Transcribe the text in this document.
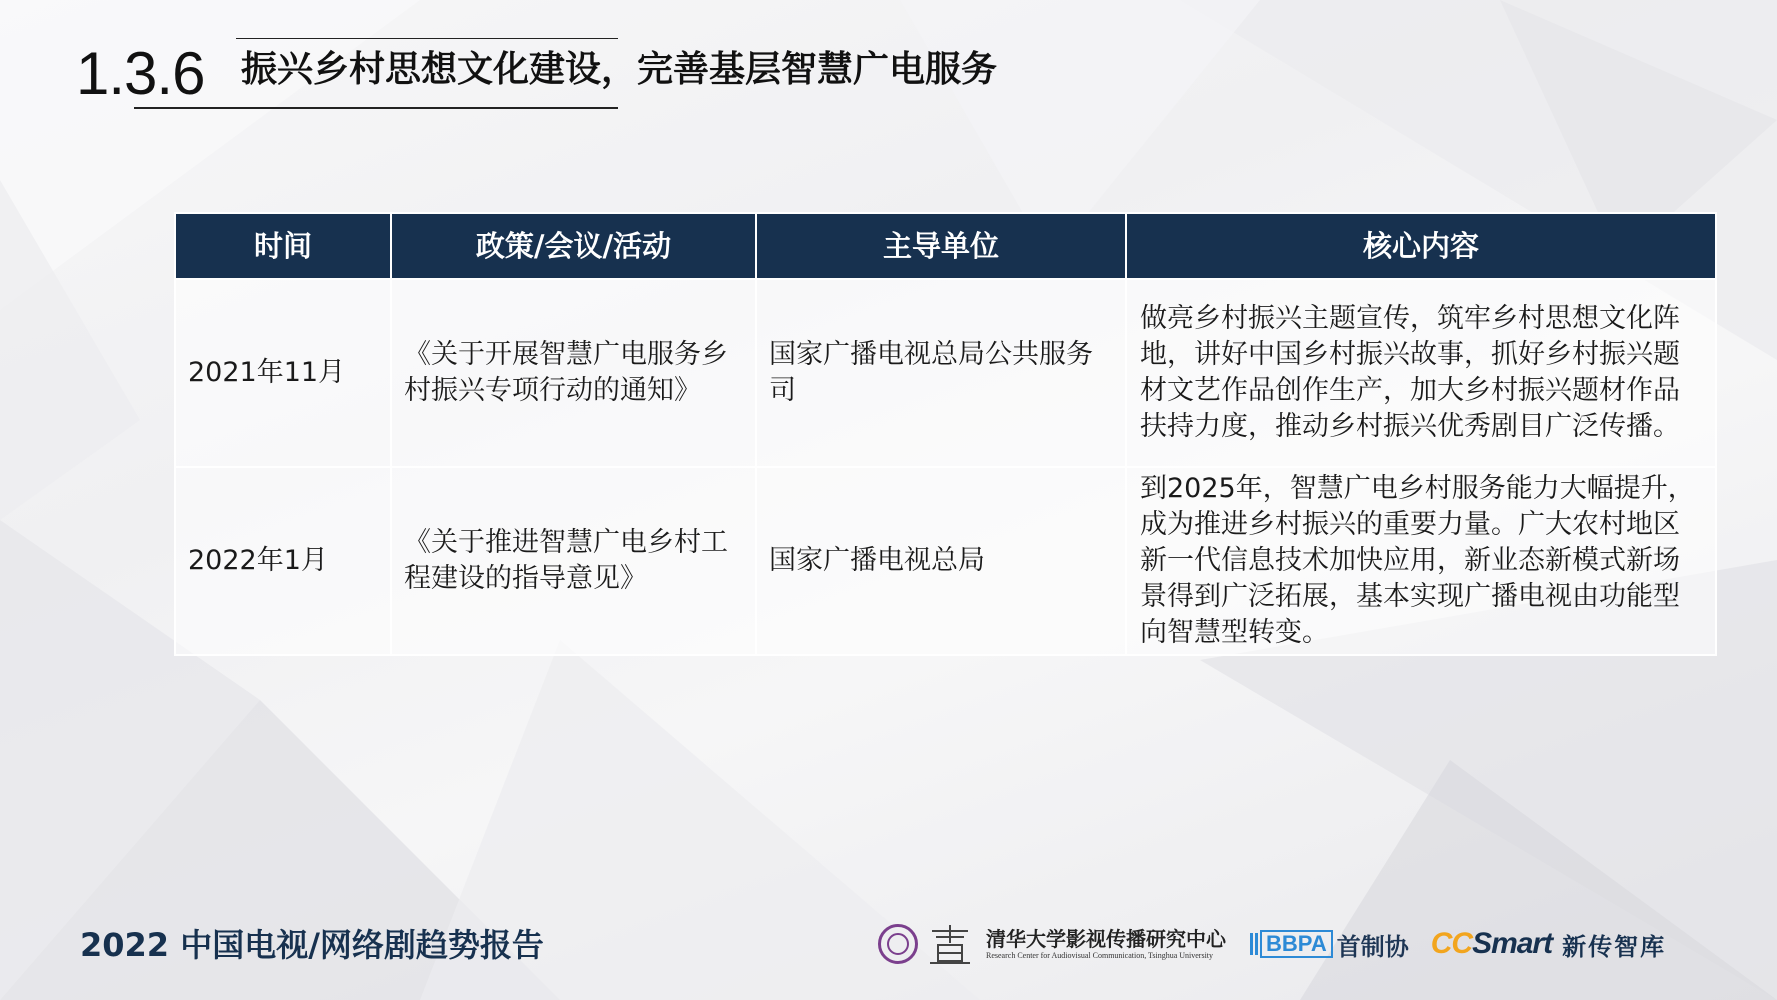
1.3.6 振兴乡村思想文化建设，完善基层智慧广电服务
时间	政策/会议/活动	主导单位	核心内容
2021年11月	《关于开展智慧广电服务乡村振兴专项行动的通知》	国家广播电视总局公共服务司	做亮乡村振兴主题宣传，筑牢乡村思想文化阵地，讲好中国乡村振兴故事，抓好乡村振兴题材文艺作品创作生产，加大乡村振兴题材作品扶持力度，推动乡村振兴优秀剧目广泛传播。
2022年1月	《关于推进智慧广电乡村工程建设的指导意见》	国家广播电视总局	到2025年，智慧广电乡村服务能力大幅提升，成为推进乡村振兴的重要力量。广大农村地区新一代信息技术加快应用，新业态新模式新场景得到广泛拓展，基本实现广播电视由功能型向智慧型转变。
2022 中国电视/网络剧趋势报告	清华大学影视传播研究中心
Research Center for Audiovisual Communication, Tsinghua University	BBPA 首制协 CCSmart 新传智库
